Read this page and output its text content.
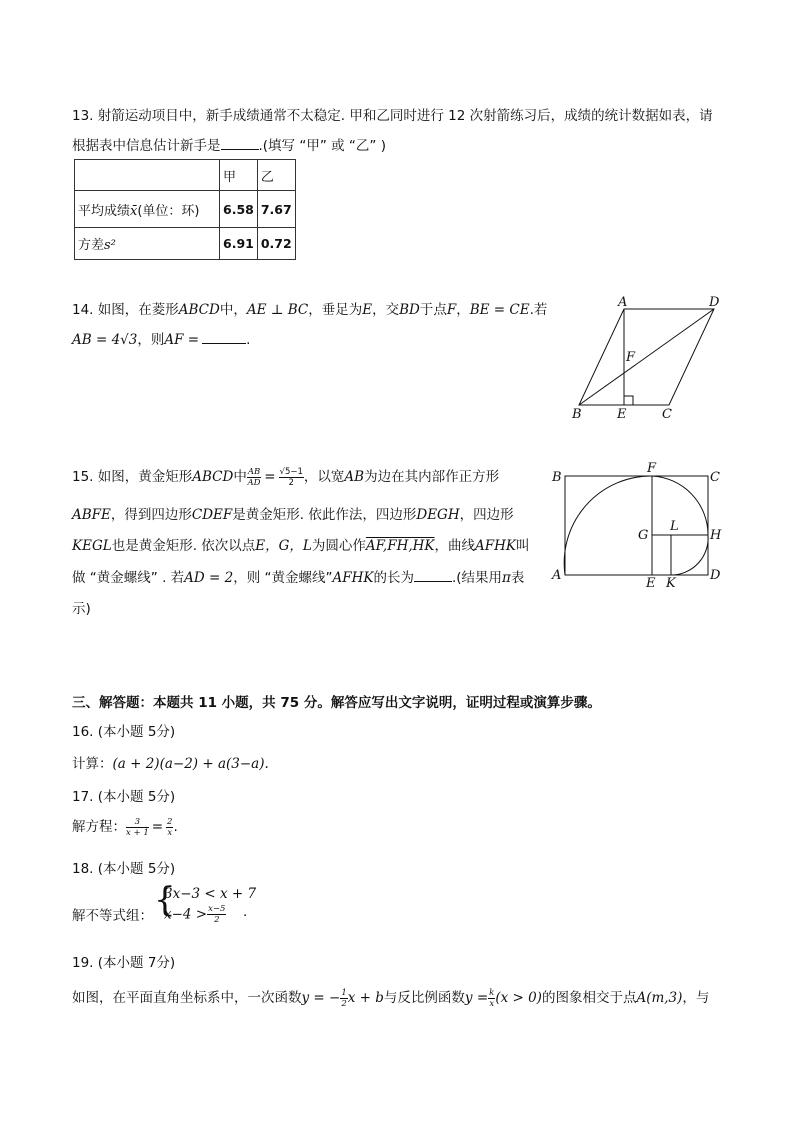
13. 射箭运动项目中，新手成绩通常不太稳定. 甲和乙同时进行 12 次射箭练习后，成绩的统计数据如表，请
根据表中信息估计新手是	.(填写 “甲” 或 “乙” )
	甲	乙
平均成绩x̄(单位：环)	6.58	7.67
方差s²	6.91	0.72
14. 如图，在菱形ABCD中，AE ⊥ BC，垂足为E，交BD于点F，BE = CE.若
AB = 4√3，则AF =	.
A	D
F
B	E	C
15. 如图，黄金矩形ABCD中 $\frac{AB}{AD} = \frac{√5-1}{2}$ ，以宽AB为边在其内部作正方形
ABFE，得到四边形CDEF是黄金矩形. 依此作法，四边形DEGH，四边形
KEGL也是黄金矩形. 依次以点E，G，L为圆心作AF,FH,HK，曲线AFHK叫
做 “黄金螺线” . 若AD = 2，则 “黄金螺线”AFHK的长为	.(结果用π表
示)
B
F
C
G
L
H
A
E K
D
三、解答题：本题共 11 小题，共 75 分。解答应写出文字说明，证明过程或演算步骤。
16. (本小题 5分)
计算：(a + 2)(a−2) + a(3−a).
17. (本小题 5分)
解方程： $\frac{3}{x + 1} = \frac{2}{x}$ .
18. (本小题 5分)
解不等式组： {
3x−3 < x + 7
$x-4 > \frac{x-5}{2}$ .
19. (本小题 7分)
如图，在平面直角坐标系中，一次函数y = − $\frac{1}{2}$ x + b与反比例函数$y = \frac{k}{x} (x > 0)$的图象相交于点A(m,3)，与
